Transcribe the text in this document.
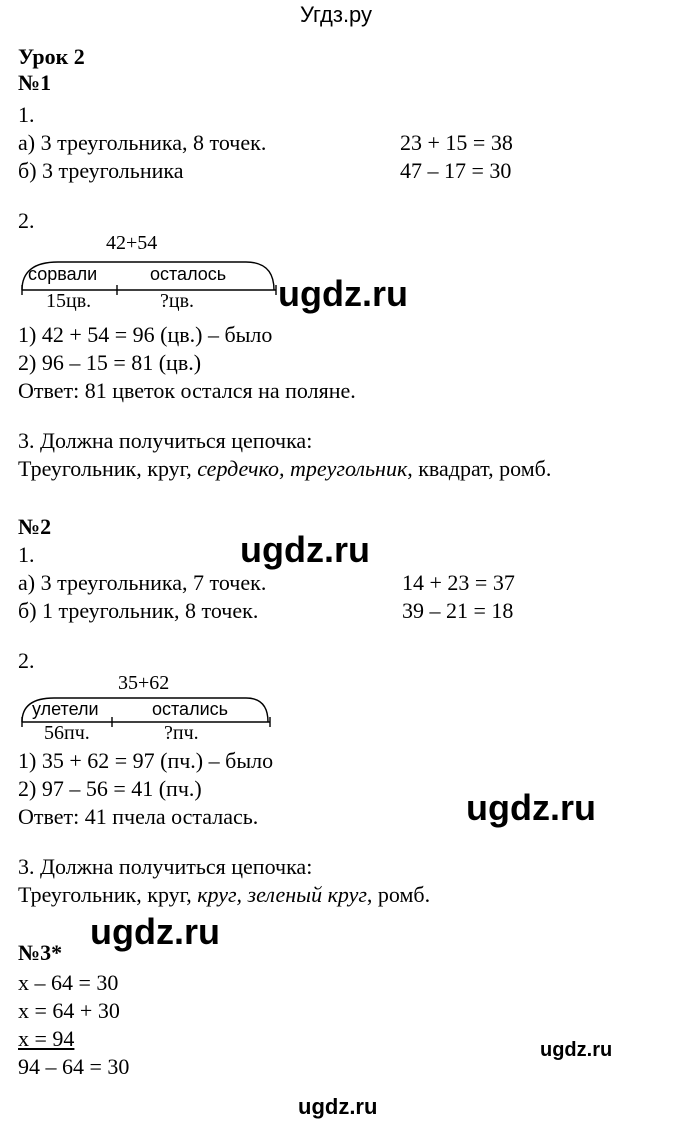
Угдз.ру
Урок 2
№1
1.
а) 3 треугольника, 8 точек.	23 + 15 = 38
б) 3 треугольника	47 – 17 = 30
2.
42+54
сорвали	осталось
15цв.	?цв. ugdz.ru
1) 42 + 54 = 96 (цв.) – было
2) 96 – 15 = 81 (цв.)
Ответ: 81 цветок остался на поляне.
3. Должна получиться цепочка:
Треугольник, круг, сердечко, треугольник, квадрат, ромб.
№2
ugdz.ru
1.
а) 3 треугольника, 7 точек.	14 + 23 = 37
б) 1 треугольник, 8 точек.	39 – 21 = 18
2.
35+62
улетели	остались
56пч.	?пч.
1) 35 + 62 = 97 (пч.) – было
2) 97 – 56 = 41 (пч.)	ugdz.ru
Ответ: 41 пчела осталась.
3. Должна получиться цепочка:
Треугольник, круг, круг, зеленый круг, ромб.
ugdz.ru
№3*
х – 64 = 30
х = 64 + 30
х = 94	ugdz.ru
94 – 64 = 30
ugdz.ru
